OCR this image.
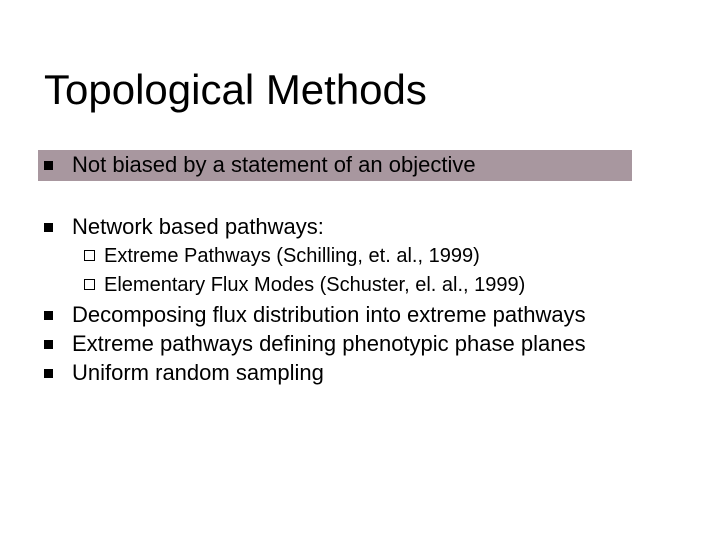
Topological Methods
Not biased by a statement of an objective
Network based pathways:
Extreme Pathways (Schilling, et. al., 1999)
Elementary Flux Modes (Schuster, el. al., 1999)
Decomposing flux distribution into extreme pathways
Extreme pathways defining phenotypic phase planes
Uniform random sampling
